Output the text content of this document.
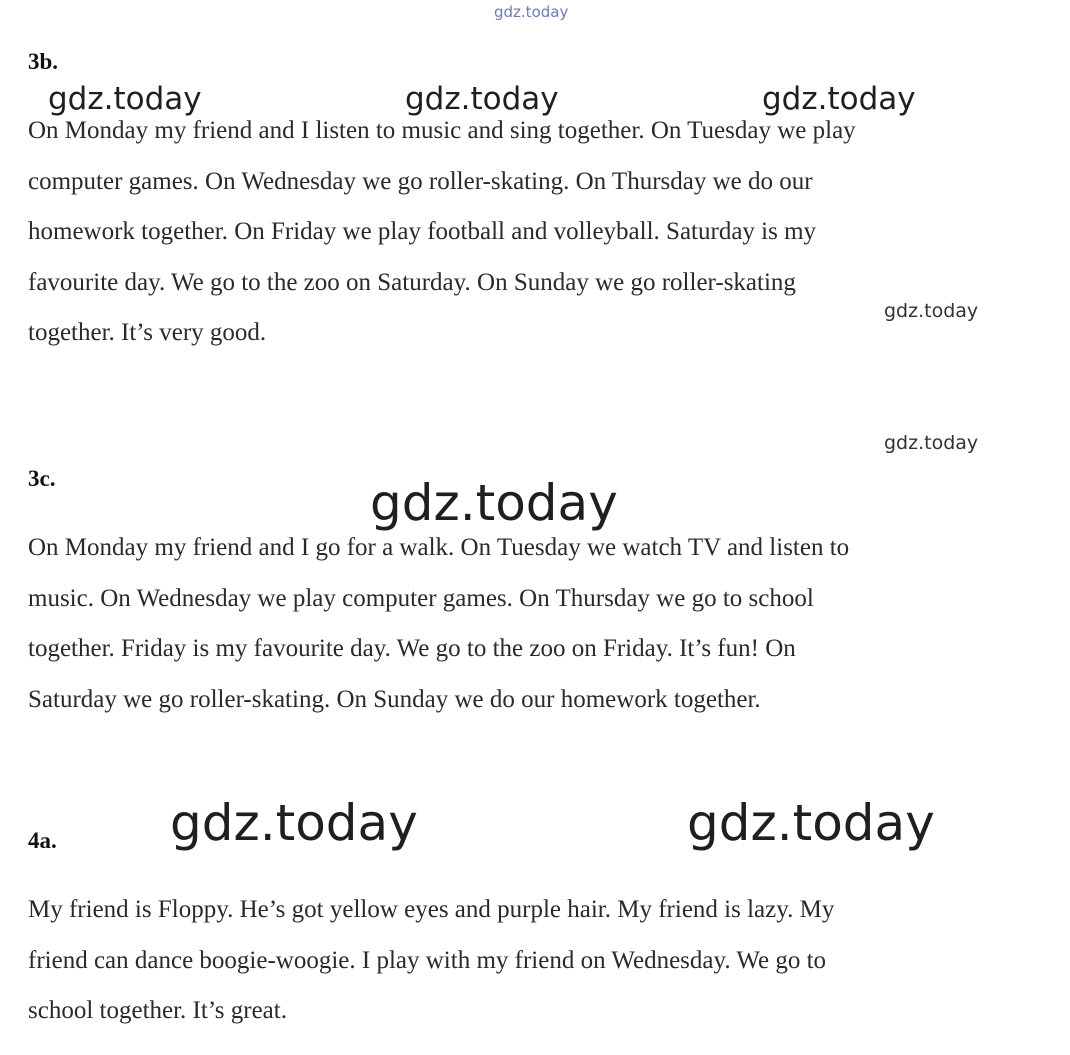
gdz.today
gdz.today	gdz.today	gdz.today
gdz.today
gdz.today
gdz.today
gdz.today	gdz.today
3b.

On Monday my friend and I listen to music and sing together. On Tuesday we play
computer games. On Wednesday we go roller-skating. On Thursday we do our
homework together. On Friday we play football and volleyball. Saturday is my
favourite day. We go to the zoo on Saturday. On Sunday we go roller-skating
together. It’s very good.

3c.

On Monday my friend and I go for a walk. On Tuesday we watch TV and listen to
music. On Wednesday we play computer games. On Thursday we go to school
together. Friday is my favourite day. We go to the zoo on Friday. It’s fun! On
Saturday we go roller-skating. On Sunday we do our homework together.

4a.

My friend is Floppy. He’s got yellow eyes and purple hair. My friend is lazy. My
friend can dance boogie-woogie. I play with my friend on Wednesday. We go to
school together. It’s great.
